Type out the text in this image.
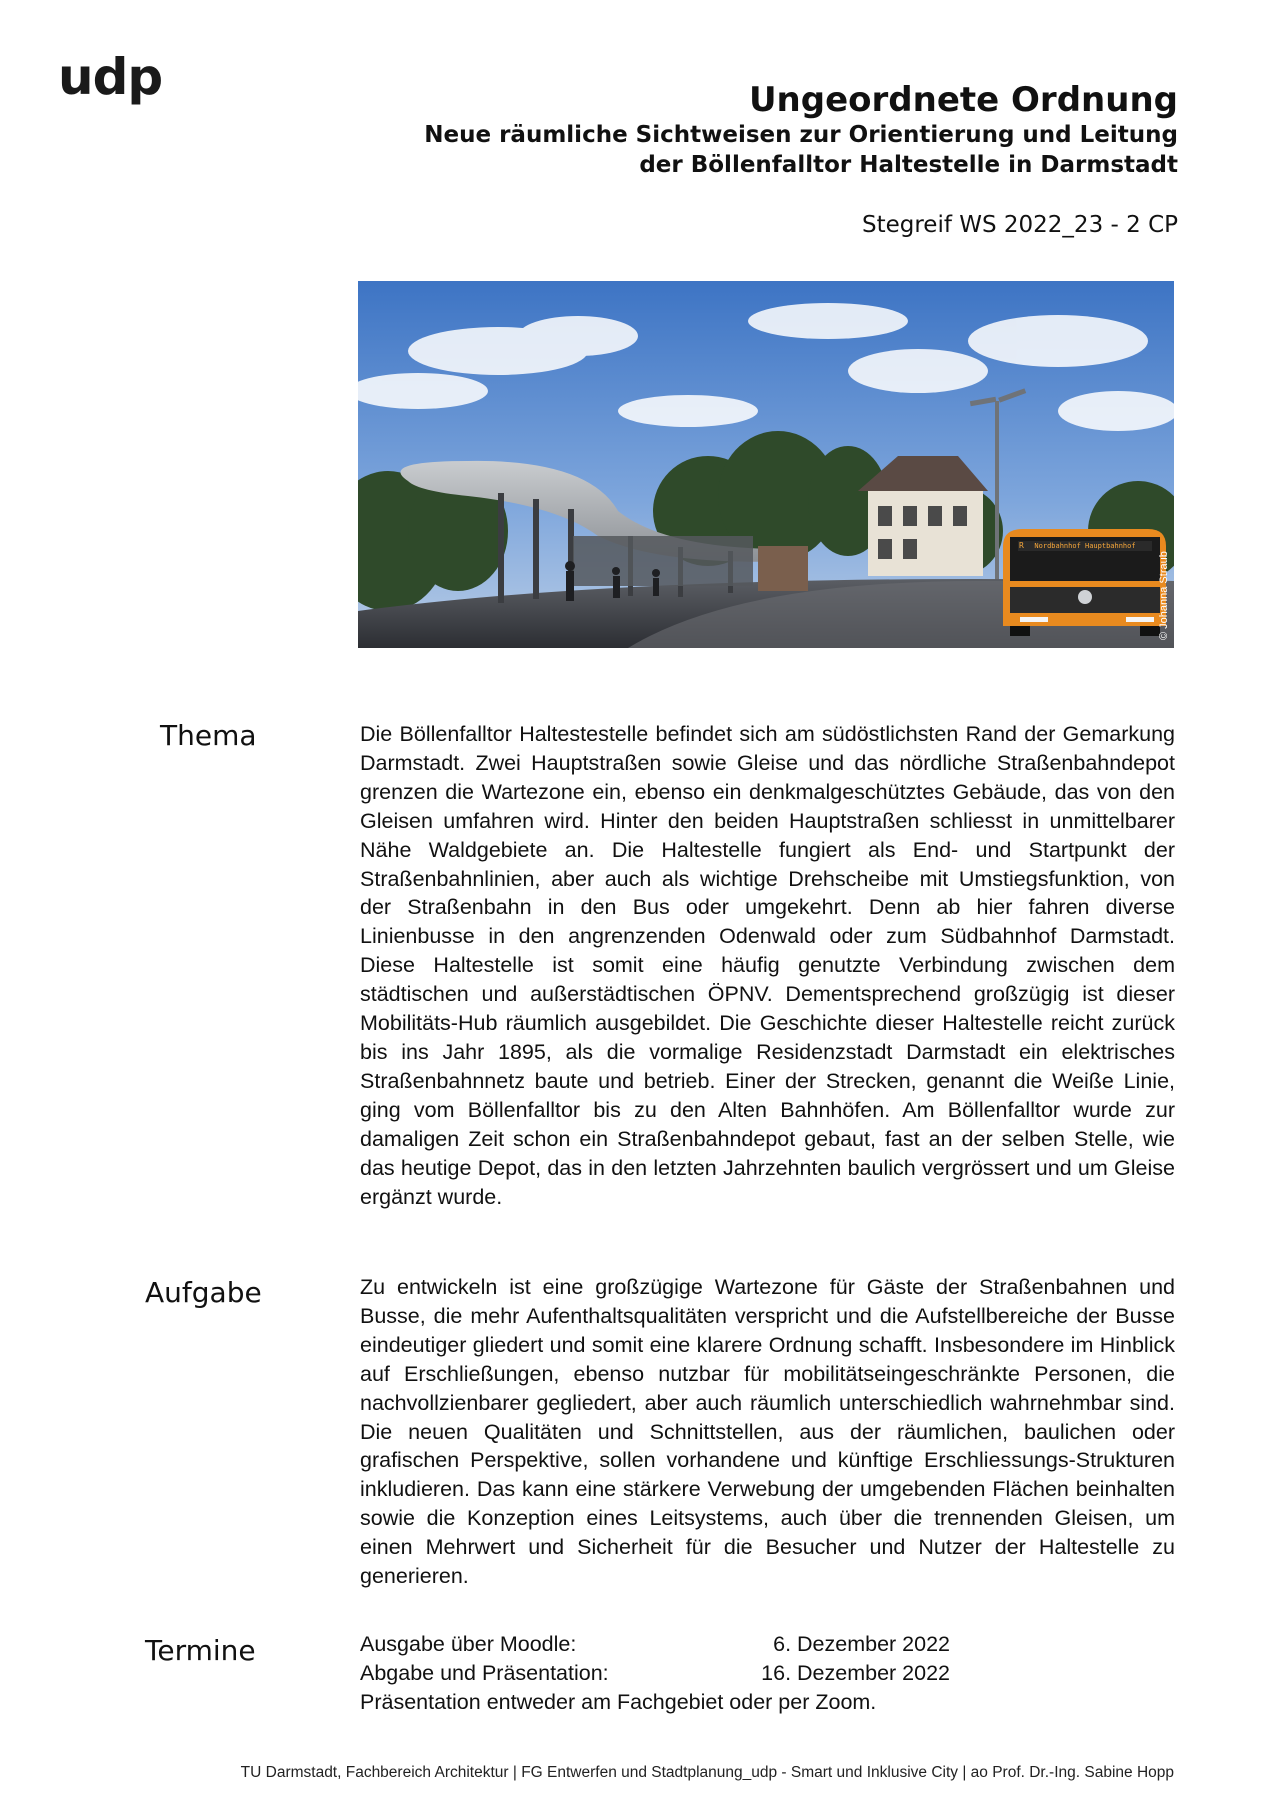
udp	Ungeordnete Ordnung

Neue räumliche Sichtweisen zur Orientierung und Leitung

der Böllenfalltor Haltestelle in Darmstadt

Stegreif WS 2022_23 - 2 CP
Nordbahnhof Hauptbahnhof
R
© Johanna Straub
Thema	Die Böllenfalltor Haltestestelle befindet sich am südöstlichsten Rand der Gemarkung Darmstadt. Zwei Hauptstraßen sowie Gleise und das nördliche Straßenbahndepot grenzen die Wartezone ein, ebenso ein denkmalgeschütztes Gebäude, das von den Gleisen umfahren wird. Hinter den beiden Hauptstraßen schliesst in unmittelbarer Nähe Waldgebiete an. Die Haltestelle fungiert als End- und Startpunkt der Straßenbahnlinien, aber auch als wichtige Drehscheibe mit Umstiegsfunktion, von der Straßenbahn in den Bus oder umgekehrt. Denn ab hier fahren diverse Linienbusse in den angrenzenden Odenwald oder zum Südbahnhof Darmstadt. Diese Haltestelle ist somit eine häufig genutzte Verbindung zwischen dem städtischen und außerstädtischen ÖPNV. Dementsprechend großzügig ist dieser Mobilitäts-Hub räumlich ausgebildet. Die Geschichte dieser Haltestelle reicht zurück bis ins Jahr 1895, als die vormalige Residenzstadt Darmstadt ein elektrisches Straßenbahnnetz baute und betrieb. Einer der Strecken, genannt die Weiße Linie, ging vom Böllenfalltor bis zu den Alten Bahnhöfen. Am Böllenfalltor wurde zur damaligen Zeit schon ein Straßenbahndepot gebaut, fast an der selben Stelle, wie das heutige Depot, das in den letzten Jahrzehnten baulich vergrössert und um Gleise ergänzt wurde.
Aufgabe	Zu entwickeln ist eine großzügige Wartezone für Gäste der Straßenbahnen und Busse, die mehr Aufenthaltsqualitäten verspricht und die Aufstellbereiche der Busse eindeutiger gliedert und somit eine klarere Ordnung schafft. Insbesondere im Hinblick auf Erschließungen, ebenso nutzbar für mobilitätseingeschränkte Personen, die nachvollzienbarer gegliedert, aber auch räumlich unterschiedlich wahrnehmbar sind. Die neuen Qualitäten und Schnittstellen, aus der räumlichen, baulichen oder grafischen Perspektive, sollen vorhandene und künftige Erschliessungs-Strukturen inkludieren. Das kann eine stärkere Verwebung der umgebenden Flächen beinhalten sowie die Konzeption eines Leitsystems, auch über die trennenden Gleisen, um einen Mehrwert und Sicherheit für die Besucher und Nutzer der Haltestelle zu generieren.
Termine	Ausgabe über Moodle:	6. Dezember 2022
Abgabe und Präsentation:	16. Dezember 2022
Präsentation entweder am Fachgebiet oder per Zoom.
TU Darmstadt, Fachbereich Architektur | FG Entwerfen und Stadtplanung_udp - Smart und Inklusive City | ao Prof. Dr.-Ing. Sabine Hopp
